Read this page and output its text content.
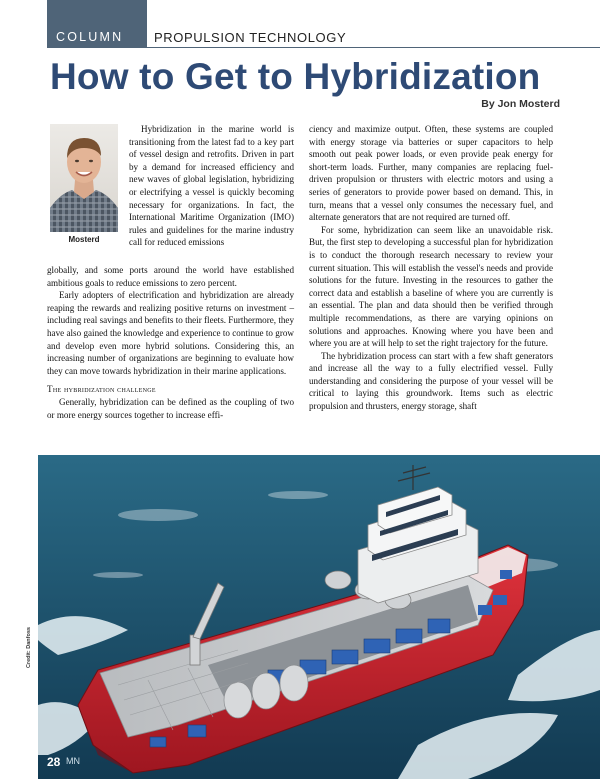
COLUMN PROPULSION TECHNOLOGY
How to Get to Hybridization
By Jon Mosterd
Mosterd

Hybridization in the marine world is transitioning from the latest fad to a key part of vessel design and retrofits. Driven in part by a demand for increased efficiency and new waves of global legislation, hybridizing or electrifying a vessel is quickly becoming necessary for organizations. In fact, the International Maritime Organization (IMO) rules and guidelines for the marine industry call for reduced emissions

globally, and some ports around the world have established ambitious goals to reduce emissions to zero percent.

Early adopters of electrification and hybridization are already reaping the rewards and realizing positive returns on investment – including real savings and benefits to their fleets. Furthermore, they have also gained the knowledge and experience to continue to grow and develop even more hybrid solutions. Considering this, an increasing number of organizations are beginning to evaluate how they can move towards hybridization in their marine applications.

The hybridization challenge

Generally, hybridization can be defined as the coupling of two or more energy sources together to increase effi-

ciency and maximize output. Often, these systems are coupled with energy storage via batteries or super capacitors to help smooth out peak power loads, or even provide peak energy for short-term loads. Further, many companies are replacing fuel-driven propulsion or thrusters with electric motors and using a series of generators to provide power based on demand. This, in turn, means that a vessel only consumes the necessary fuel, and alternate generators that are not required are turned off.

For some, hybridization can seem like an unavoidable risk. But, the first step to developing a successful plan for hybridization is to conduct the thorough research necessary to review your current situation. This will establish the vessel's needs and provide solutions for the future. Investing in the resources to gather the correct data and establish a baseline of where you are currently is an essential. The plan and data should then be verified through multiple recommendations, as there are varying opinions on solutions and approaches. Knowing where you have been and where you are at will help to set the right trajectory for the future.

The hybridization process can start with a few shaft generators and increase all the way to a fully electrified vessel. Fully understanding and considering the purpose of your vessel will be critical to laying this groundwork. Items such as electric propulsion and thrusters, energy storage, shaft

Credit: Danfoss
28 MN
